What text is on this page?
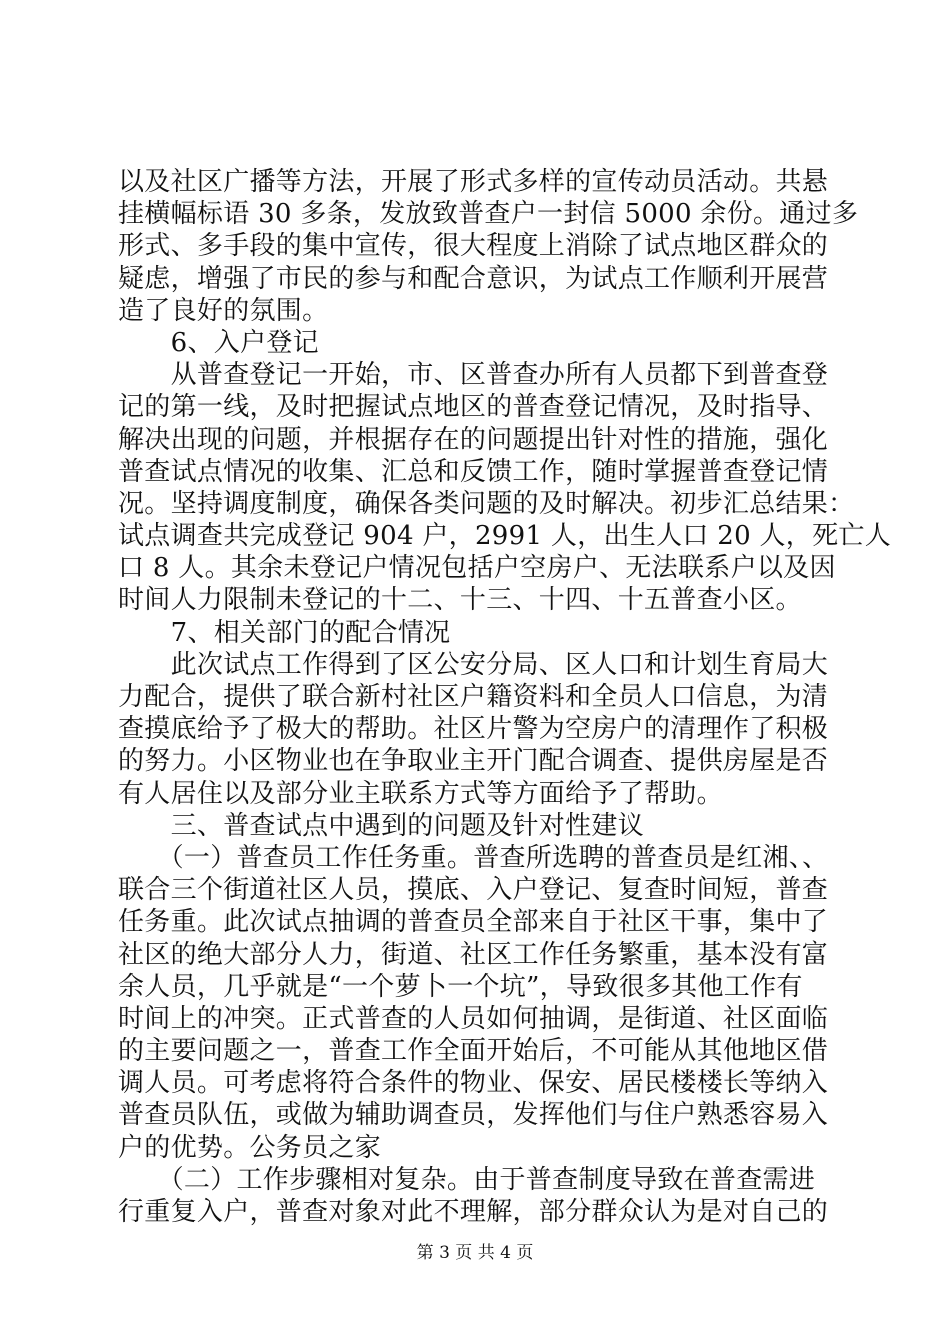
以及社区广播等方法，开展了形式多样的宣传动员活动。共悬
挂横幅标语 30 多条，发放致普查户一封信 5000 余份。通过多
形式、多手段的集中宣传，很大程度上消除了试点地区群众的
疑虑，增强了市民的参与和配合意识，为试点工作顺利开展营
造了良好的氛围。
　　6、入户登记
　　从普查登记一开始，市、区普查办所有人员都下到普查登
记的第一线，及时把握试点地区的普查登记情况，及时指导、
解决出现的问题，并根据存在的问题提出针对性的措施，强化
普查试点情况的收集、汇总和反馈工作，随时掌握普查登记情
况。坚持调度制度，确保各类问题的及时解决。初步汇总结果：
试点调查共完成登记 904 户，2991 人，出生人口 20 人，死亡人
口 8 人。其余未登记户情况包括户空房户、无法联系户以及因
时间人力限制未登记的十二、十三、十四、十五普查小区。
　　7、相关部门的配合情况
　　此次试点工作得到了区公安分局、区人口和计划生育局大
力配合，提供了联合新村社区户籍资料和全员人口信息，为清
查摸底给予了极大的帮助。社区片警为空房户的清理作了积极
的努力。小区物业也在争取业主开门配合调查、提供房屋是否
有人居住以及部分业主联系方式等方面给予了帮助。
　　三、普查试点中遇到的问题及针对性建议
　　（一）普查员工作任务重。普查所选聘的普查员是红湘、、
联合三个街道社区人员，摸底、入户登记、复查时间短，普查
任务重。此次试点抽调的普查员全部来自于社区干事，集中了
社区的绝大部分人力，街道、社区工作任务繁重，基本没有富
余人员，几乎就是“一个萝卜一个坑”，导致很多其他工作有
时间上的冲突。正式普查的人员如何抽调，是街道、社区面临
的主要问题之一，普查工作全面开始后，不可能从其他地区借
调人员。可考虑将符合条件的物业、保安、居民楼楼长等纳入
普查员队伍，或做为辅助调查员，发挥他们与住户熟悉容易入
户的优势。公务员之家
　　（二）工作步骤相对复杂。由于普查制度导致在普查需进
行重复入户，普查对象对此不理解，部分群众认为是对自己的
第 3 页 共 4 页
